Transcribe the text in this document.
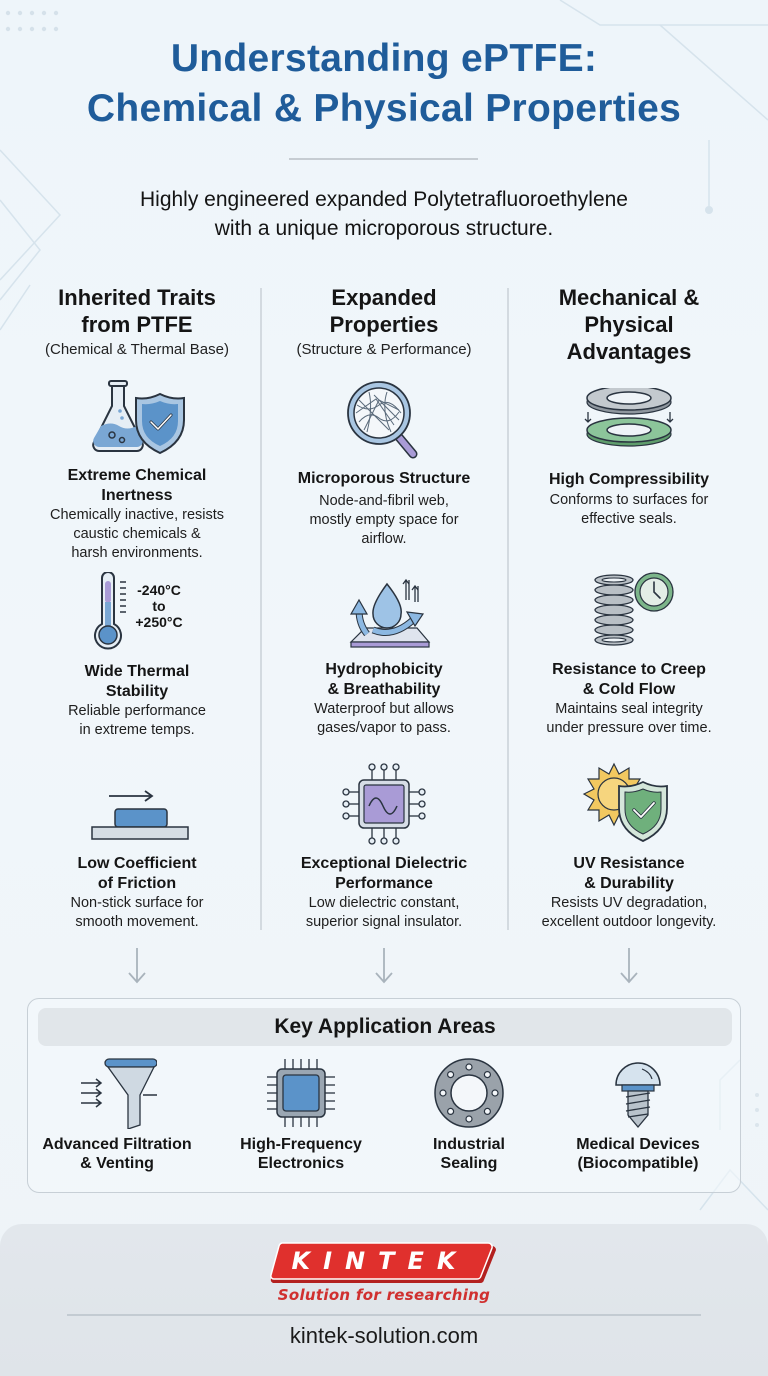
Understanding ePTFE:
Chemical & Physical Properties
Highly engineered expanded Polytetrafluoroethylene
with a unique microporous structure.
Inherited Traits
from PTFE
(Chemical & Thermal Base)
Extreme Chemical
Inertness
Chemically inactive, resists
caustic chemicals &
harsh environments.
-240°C
to
+250°C
Wide Thermal
Stability
Reliable performance
in extreme temps.
Low Coefficient
of Friction
Non-stick surface for
smooth movement.
Expanded
Properties
(Structure & Performance)
Microporous Structure
Node-and-fibril web,
mostly empty space for
airflow.
Hydrophobicity
& Breathability
Waterproof but allows
gases/vapor to pass.
Exceptional Dielectric
Performance
Low dielectric constant,
superior signal insulator.
Mechanical &
Physical
Advantages
High Compressibility
Conforms to surfaces for
effective seals.
Resistance to Creep
& Cold Flow
Maintains seal integrity
under pressure over time.
UV Resistance
& Durability
Resists UV degradation,
excellent outdoor longevity.
Key Application Areas
Advanced Filtration
& Venting
High-Frequency
Electronics
Industrial
Sealing
Medical Devices
(Biocompatible)
KINTEK
Solution for researching
kintek-solution.com
